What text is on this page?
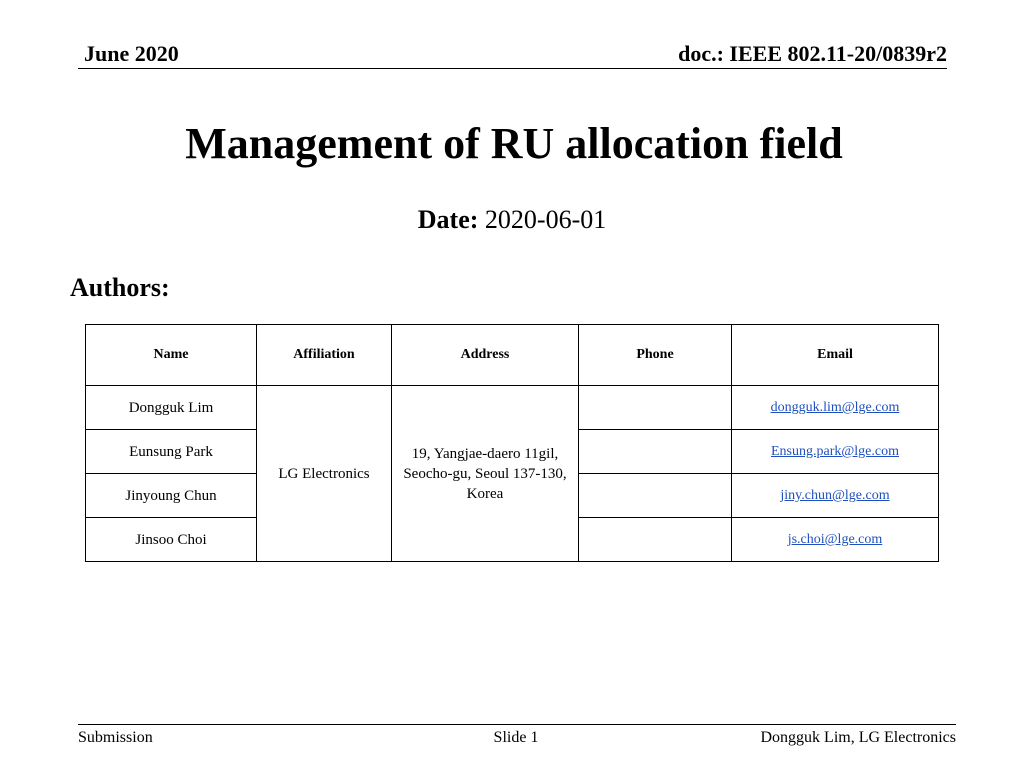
June 2020	doc.: IEEE 802.11-20/0839r2
Management of RU allocation field
Date: 2020-06-01
Authors:
Name	Affiliation	Address	Phone	Email
Dongguk Lim	LG Electronics	19, Yangjae-daero 11gil, Seocho-gu, Seoul 137-130, Korea		dongguk.lim@lge.com
Eunsung Park				Ensung.park@lge.com
Jinyoung Chun				jiny.chun@lge.com
Jinsoo Choi				js.choi@lge.com
Submission	Slide 1	Dongguk Lim, LG Electronics
